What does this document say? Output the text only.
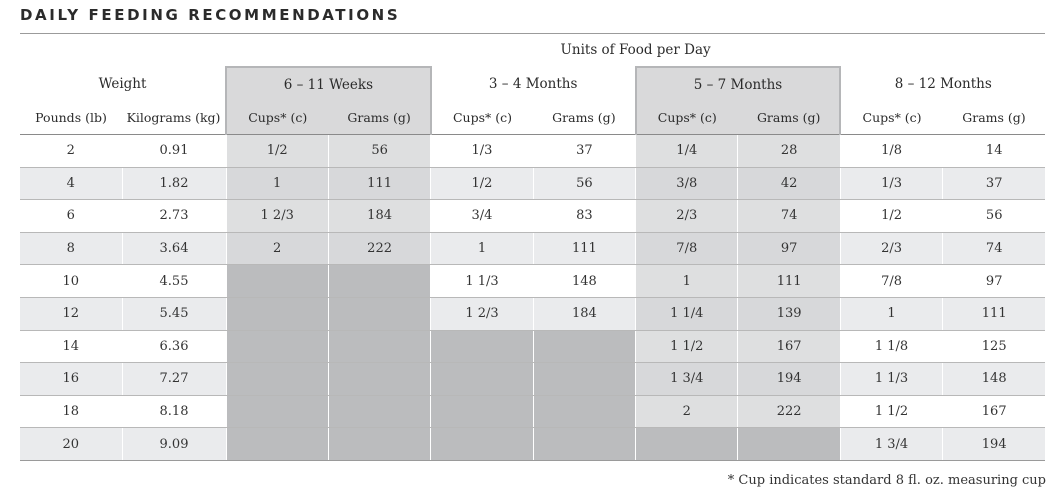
DAILY FEEDING RECOMMENDATIONS
		Units of Food per Day							
Weight		6 – 11 Weeks		3 – 4 Months		5 – 7 Months		8 – 12 Months	
Pounds (lb)	Kilograms (kg)	Cups* (c)	Grams (g)	Cups* (c)	Grams (g)	Cups* (c)	Grams (g)	Cups* (c)	Grams (g)
2	0.91	1/2	56	1/3	37	1/4	28	1/8	14
4	1.82	1	111	1/2	56	3/8	42	1/3	37
6	2.73	1 2/3	184	3/4	83	2/3	74	1/2	56
8	3.64	2	222	1	111	7/8	97	2/3	74
10	4.55			1 1/3	148	1	111	7/8	97
12	5.45			1 2/3	184	1 1/4	139	1	111
14	6.36					1 1/2	167	1 1/8	125
16	7.27					1 3/4	194	1 1/3	148
18	8.18					2	222	1 1/2	167
20	9.09							1 3/4	194
* Cup indicates standard 8 fl. oz. measuring cup
